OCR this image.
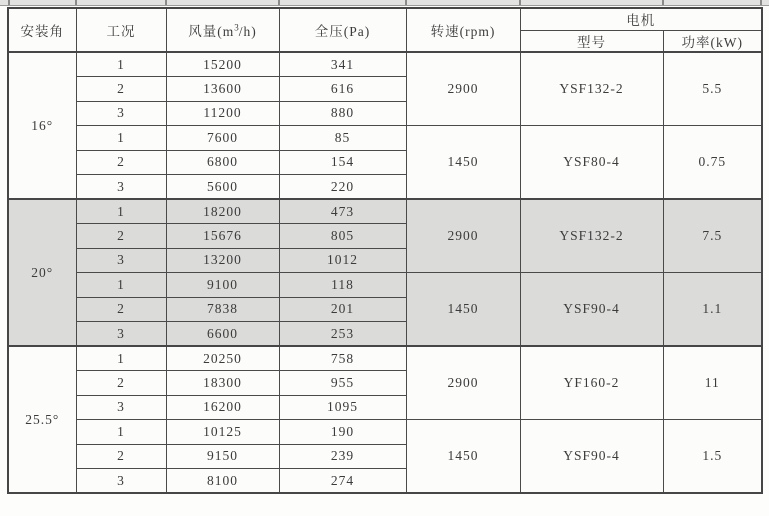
安装角	工况	风量$(m^3/h)$	全压(Pa)	转速(rpm)	电机	
					型号	功率(kW)
16°	1	15200	341	2900	YSF132-2	5.5
	2	13600	616			
	3	11200	880			
	1	7600	85	1450	YSF80-4	0.75
	2	6800	154			
	3	5600	220			
20°	1	18200	473	2900	YSF132-2	7.5
	2	15676	805			
	3	13200	1012			
	1	9100	118	1450	YSF90-4	1.1
	2	7838	201			
	3	6600	253			
25.5°	1	20250	758	2900	YF160-2	11
	2	18300	955			
	3	16200	1095			
	1	10125	190	1450	YSF90-4	1.5
	2	9150	239			
	3	8100	274			
